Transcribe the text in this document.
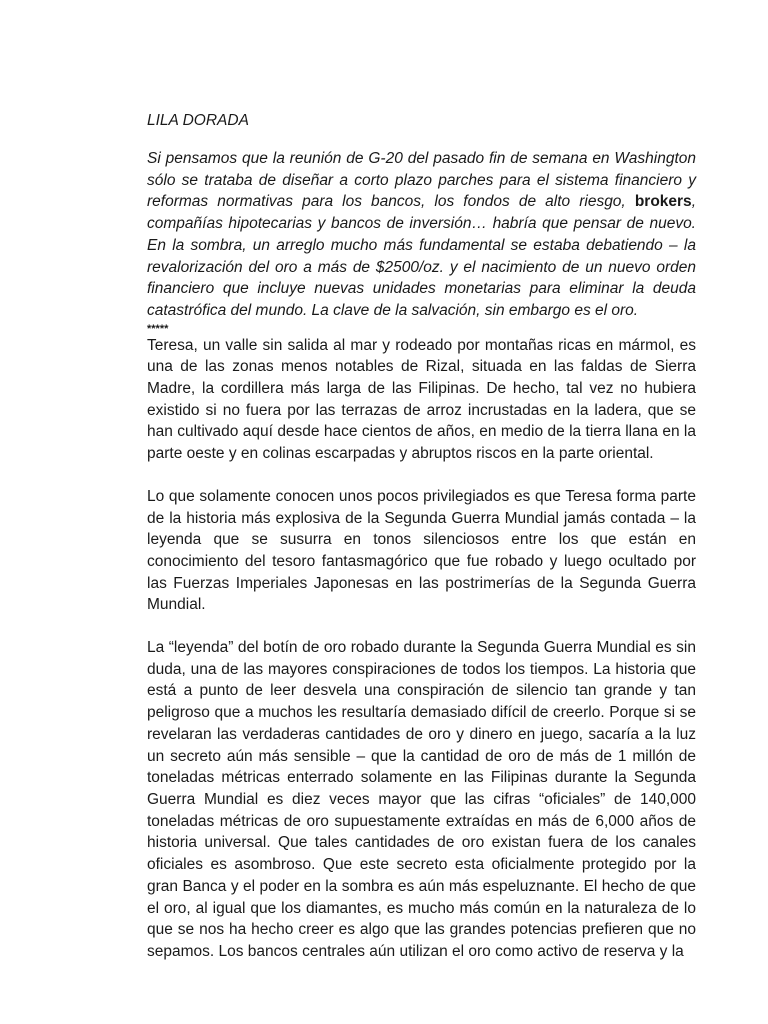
LILA DORADA

Si pensamos que la reunión de G-20 del pasado fin de semana en Washington sólo se trataba de diseñar a corto plazo parches para el sistema financiero y reformas normativas para los bancos, los fondos de alto riesgo, brokers, compañías hipotecarias y bancos de inversión… habría que pensar de nuevo. En la sombra, un arreglo mucho más fundamental se estaba debatiendo – la revalorización del oro a más de $2500/oz. y el nacimiento de un nuevo orden financiero que incluye nuevas unidades monetarias para eliminar la deuda catastrófica del mundo. La clave de la salvación, sin embargo es el oro.

*****

Teresa, un valle sin salida al mar y rodeado por montañas ricas en mármol, es una de las zonas menos notables de Rizal, situada en las faldas de Sierra Madre, la cordillera más larga de las Filipinas. De hecho, tal vez no hubiera existido si no fuera por las terrazas de arroz incrustadas en la ladera, que se han cultivado aquí desde hace cientos de años, en medio de la tierra llana en la parte oeste y en colinas escarpadas y abruptos riscos en la parte oriental.

Lo que solamente conocen unos pocos privilegiados es que Teresa forma parte de la historia más explosiva de la Segunda Guerra Mundial jamás contada – la leyenda que se susurra en tonos silenciosos entre los que están en conocimiento del tesoro fantasmagórico que fue robado y luego ocultado por las Fuerzas Imperiales Japonesas en las postrimerías de la Segunda Guerra Mundial.

La “leyenda” del botín de oro robado durante la Segunda Guerra Mundial es sin duda, una de las mayores conspiraciones de todos los tiempos. La historia que está a punto de leer desvela una conspiración de silencio tan grande y tan peligroso que a muchos les resultaría demasiado difícil de creerlo. Porque si se revelaran las verdaderas cantidades de oro y dinero en juego, sacaría a la luz un secreto aún más sensible – que la cantidad de oro de más de 1 millón de toneladas métricas enterrado solamente en las Filipinas durante la Segunda Guerra Mundial es diez veces mayor que las cifras “oficiales” de 140,000 toneladas métricas de oro supuestamente extraídas en más de 6,000 años de historia universal. Que tales cantidades de oro existan fuera de los canales oficiales es asombroso. Que este secreto esta oficialmente protegido por la gran Banca y el poder en la sombra es aún más espeluznante. El hecho de que el oro, al igual que los diamantes, es mucho más común en la naturaleza de lo que se nos ha hecho creer es algo que las grandes potencias prefieren que no sepamos. Los bancos centrales aún utilizan el oro como activo de reserva y la
